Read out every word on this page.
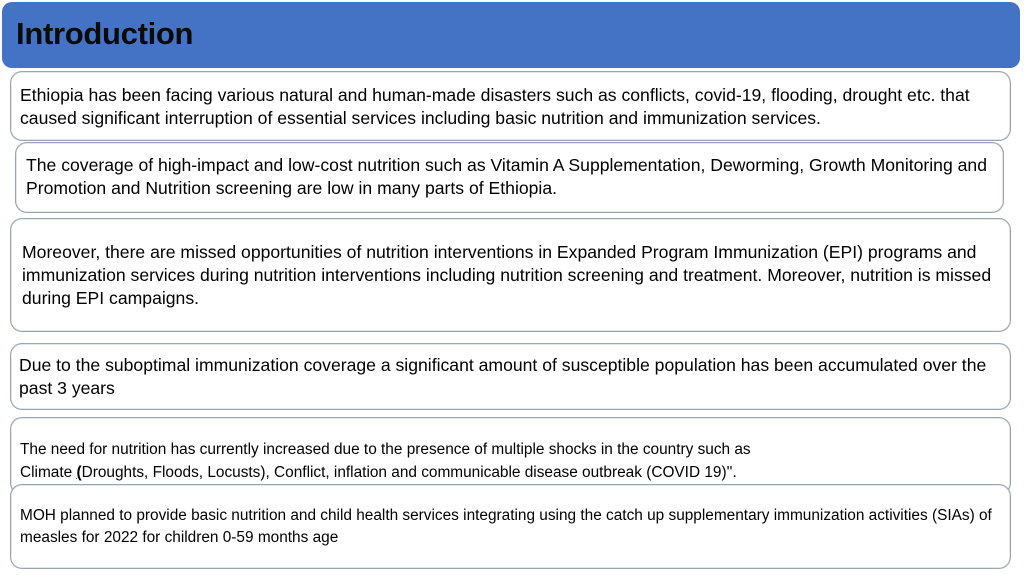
Introduction
Ethiopia has been facing various natural and human-made disasters such as conflicts, covid-19, flooding, drought etc. that caused significant interruption of essential services including basic nutrition and immunization services.
The coverage of high-impact and low-cost nutrition such as Vitamin A Supplementation, Deworming, Growth Monitoring and Promotion and Nutrition screening are low in many parts of Ethiopia.
Moreover, there are missed opportunities of nutrition interventions in Expanded Program Immunization (EPI) programs and immunization services during nutrition interventions including nutrition screening and treatment. Moreover, nutrition is missed during EPI campaigns.
Due to the suboptimal immunization coverage a significant amount of susceptible population has been accumulated over the past 3 years
The need for nutrition has currently increased due to the presence of multiple shocks in the country such as
Climate (Droughts, Floods, Locusts), Conflict, inflation and communicable disease outbreak (COVID 19)''.
MOH planned to provide basic nutrition and child health services integrating using the catch up supplementary immunization activities (SIAs) of measles for 2022 for children 0-59 months age
